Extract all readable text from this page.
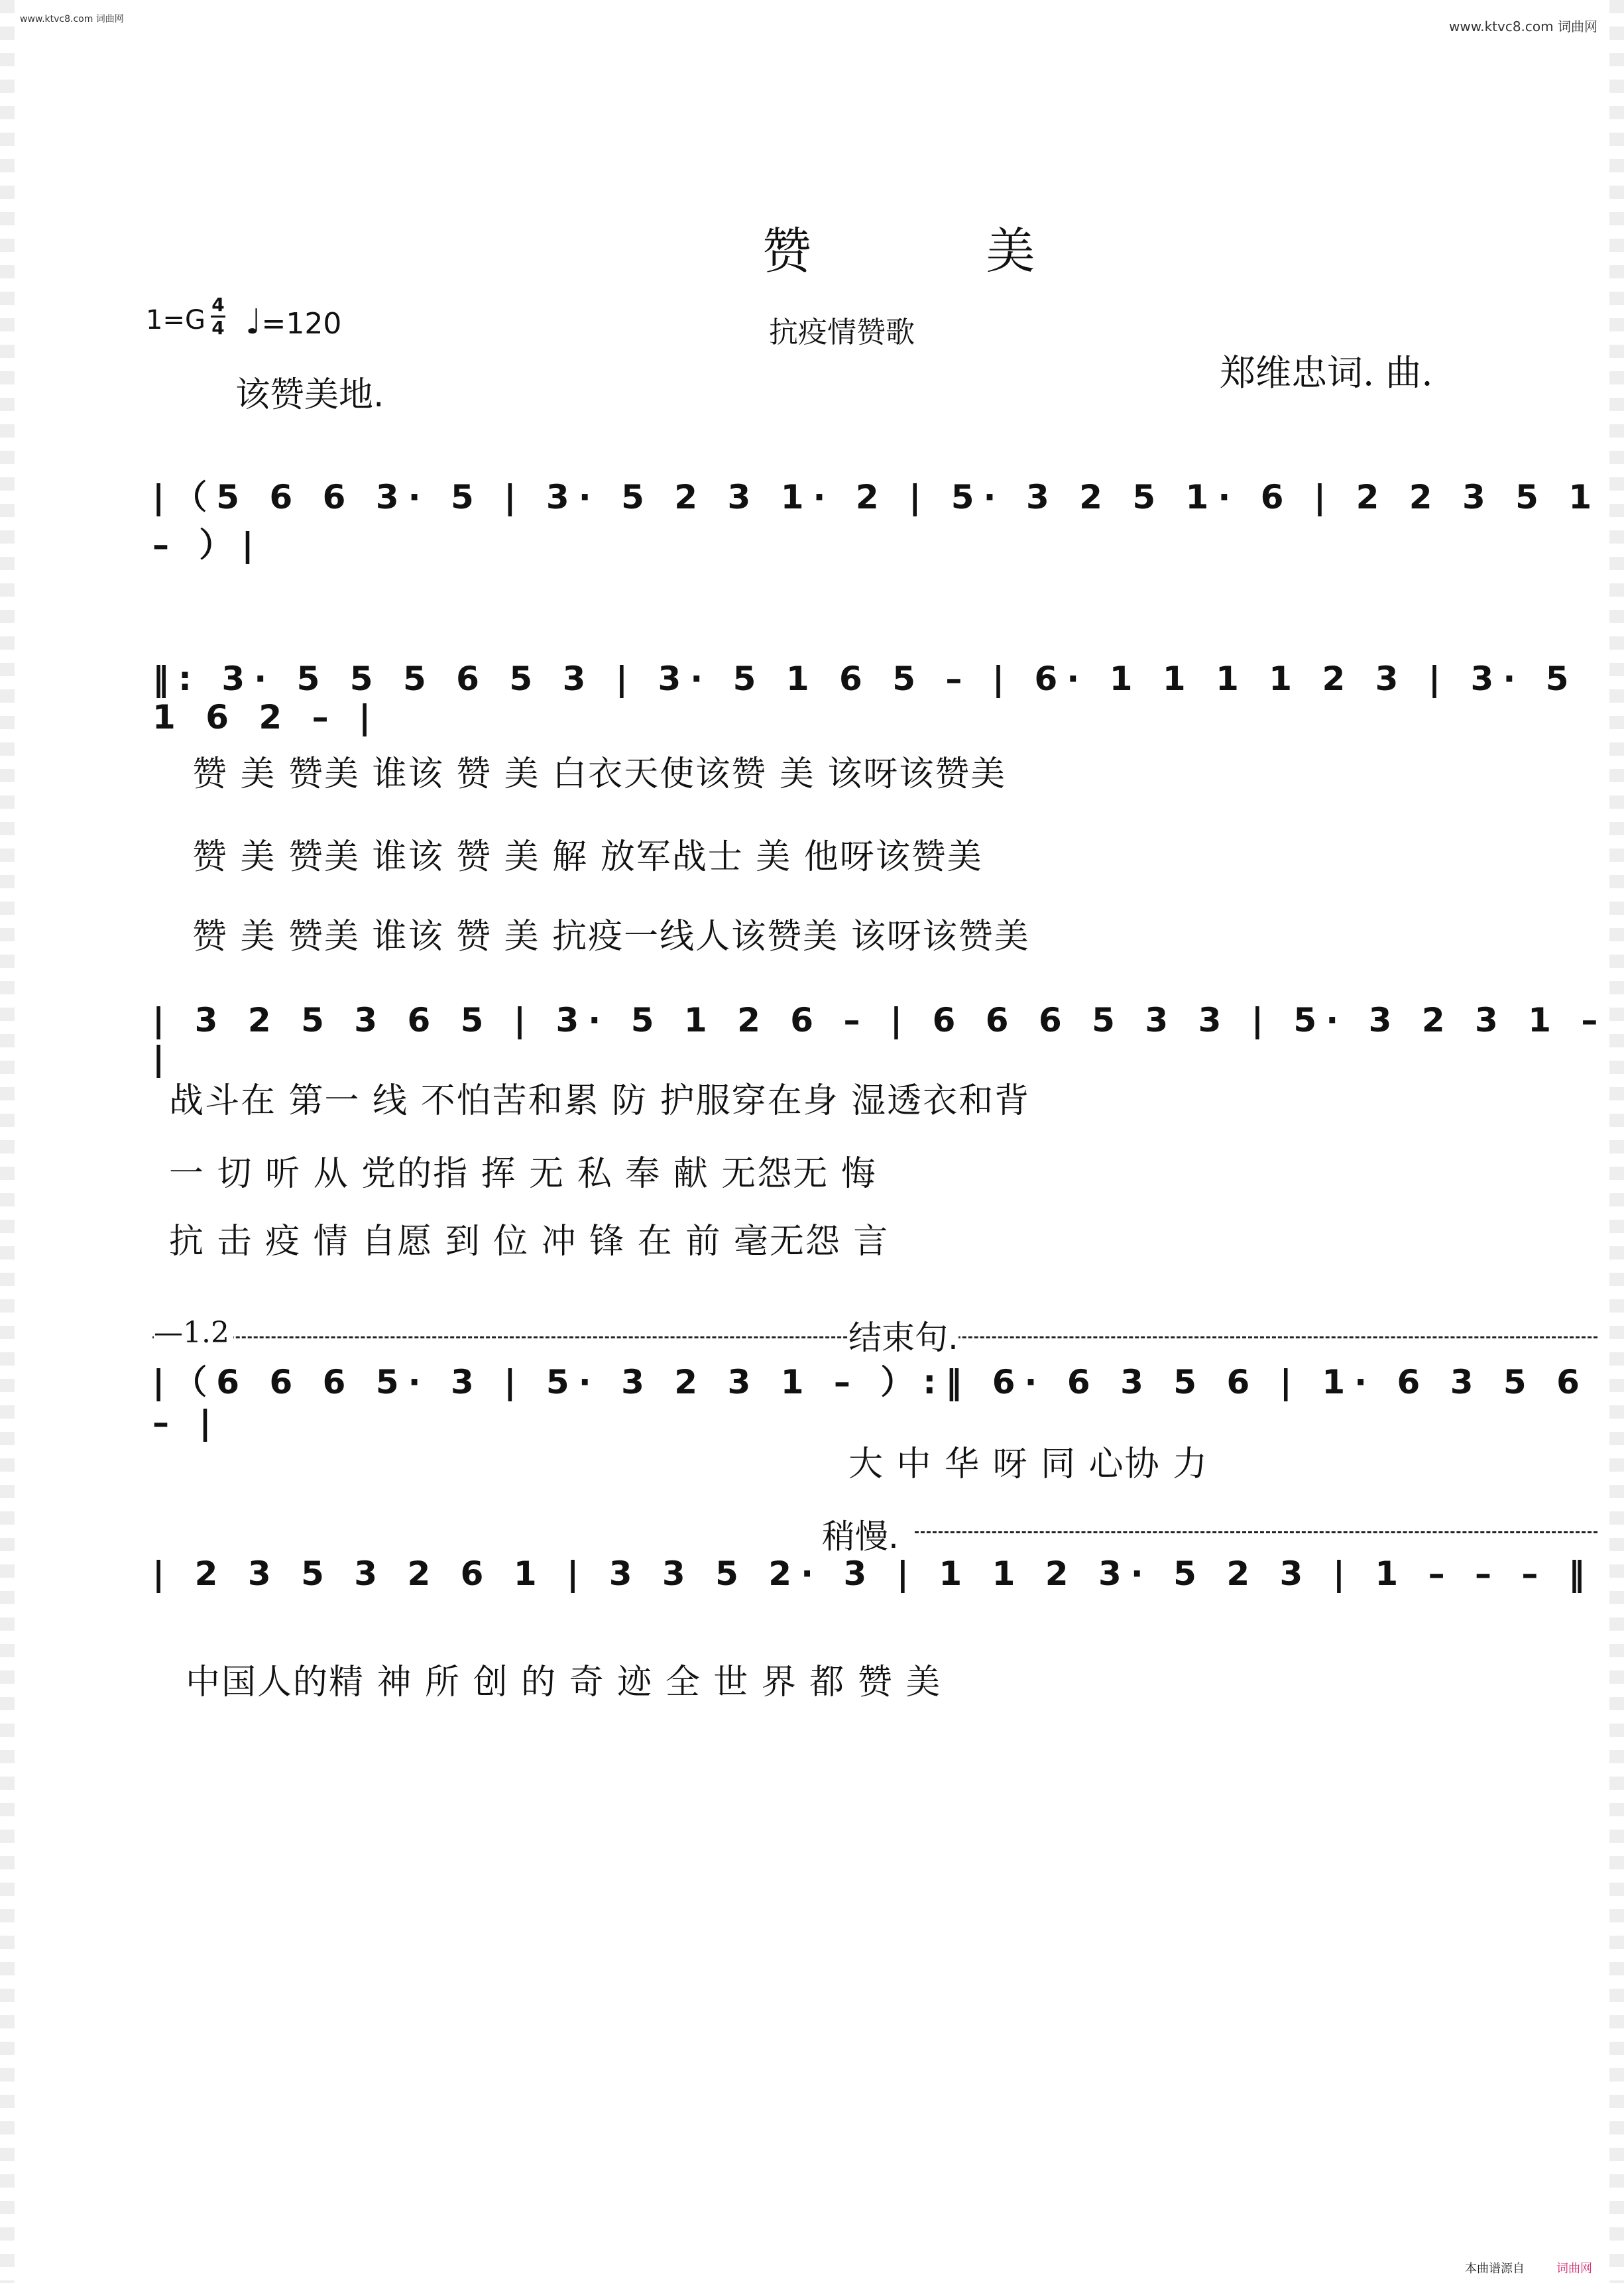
www.ktvc8.com 词曲网	www.ktvc8.com 词曲网
本曲谱源自	词曲网
赞 美
抗疫情赞歌
1=G
4
4 ♩=120
该赞美地.
郑维忠词. 曲.
|（5 6 6 3· 5 | 3· 5 2 3 1· 2 | 5· 3 2 5 1· 6 | 2 2 3 5 1 – ）|
‖: 3· 5 5 5 6 5 3 | 3· 5 1 6 5 – | 6· 1 1 1 1 2 3 | 3· 5 1 6 2 – |
赞 美 赞美 谁该 赞 美 白衣天使该赞 美 该呀该赞美
赞 美 赞美 谁该 赞 美 解 放军战士 美 他呀该赞美
赞 美 赞美 谁该 赞 美 抗疫一线人该赞美 该呀该赞美
| 3 2 5 3 6 5 | 3· 5 1 2 6 – | 6 6 6 5 3 3 | 5· 3 2 3 1 – |
战斗在 第一 线 不怕苦和累 防 护服穿在身 湿透衣和背
一 切 听 从 党的指 挥 无 私 奉 献 无怨无 悔
抗 击 疫 情 自愿 到 位 冲 锋 在 前 毫无怨 言
—1.2	结束句.
|（6 6 6 5· 3 | 5· 3 2 3 1 – ）:‖ 6· 6 3 5 6 | 1· 6 3 5 6 – |
大 中 华 呀 同 心协 力
稍慢.
| 2 3 5 3 2 6 1 | 3 3 5 2· 3 | 1 1 2 3· 5 2 3 | 1 – – – ‖
中国人的精 神 所 创 的 奇 迹 全 世 界 都 赞 美
